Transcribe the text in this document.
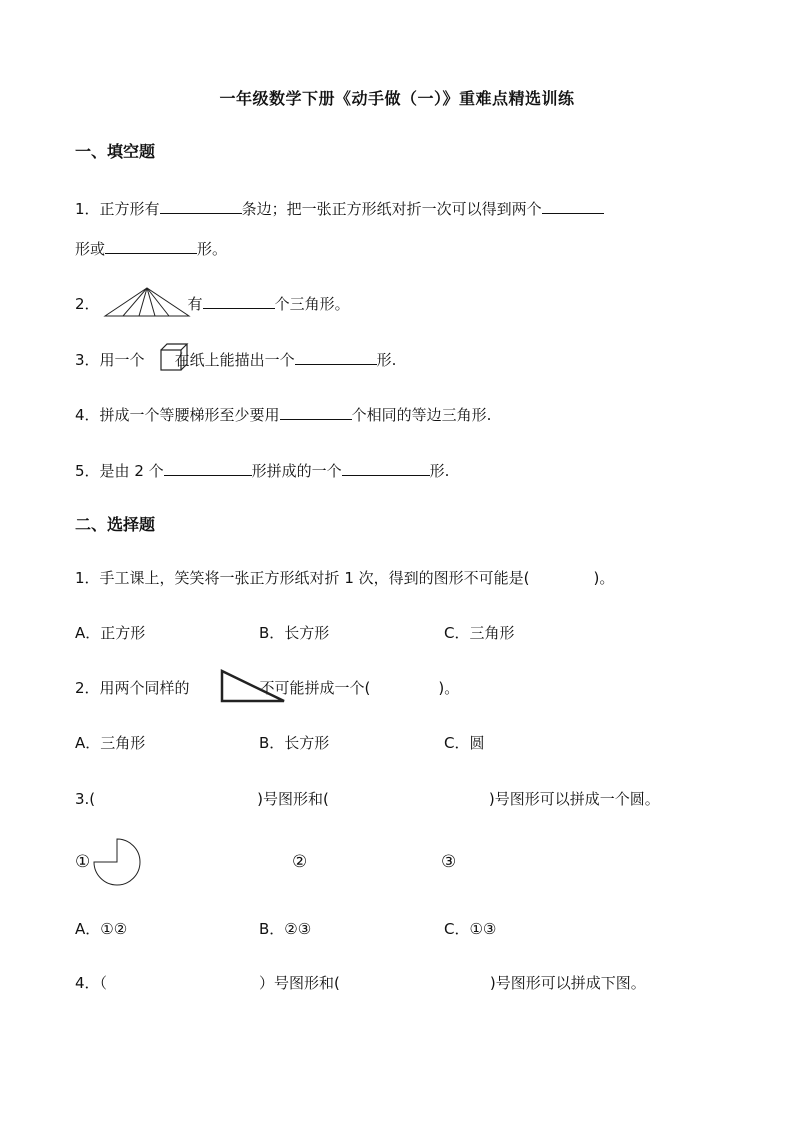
一年级数学下册《动手做（一）》重难点精选训练
一、填空题
1．正方形有	条边；把一张正方形纸对折一次可以得到两个
形或	形。
2．	有	个三角形。
3．用一个 在纸上能描出一个	形.
4．拼成一个等腰梯形至少要用	个相同的等边三角形.
5．是由 2 个	形拼成的一个	形.
二、选择题
1．手工课上，笑笑将一张正方形纸对折 1 次，得到的图形不可能是(	)。
A．正方形	B．长方形	C．三角形
2．用两个同样的	不可能拼成一个(	)。
A．三角形	B．长方形	C．圆
3.(	)号图形和(	)号图形可以拼成一个圆。
①	②	③
A．①②	B．②③	C．①③
4．（	）号图形和(	)号图形可以拼成下图。
